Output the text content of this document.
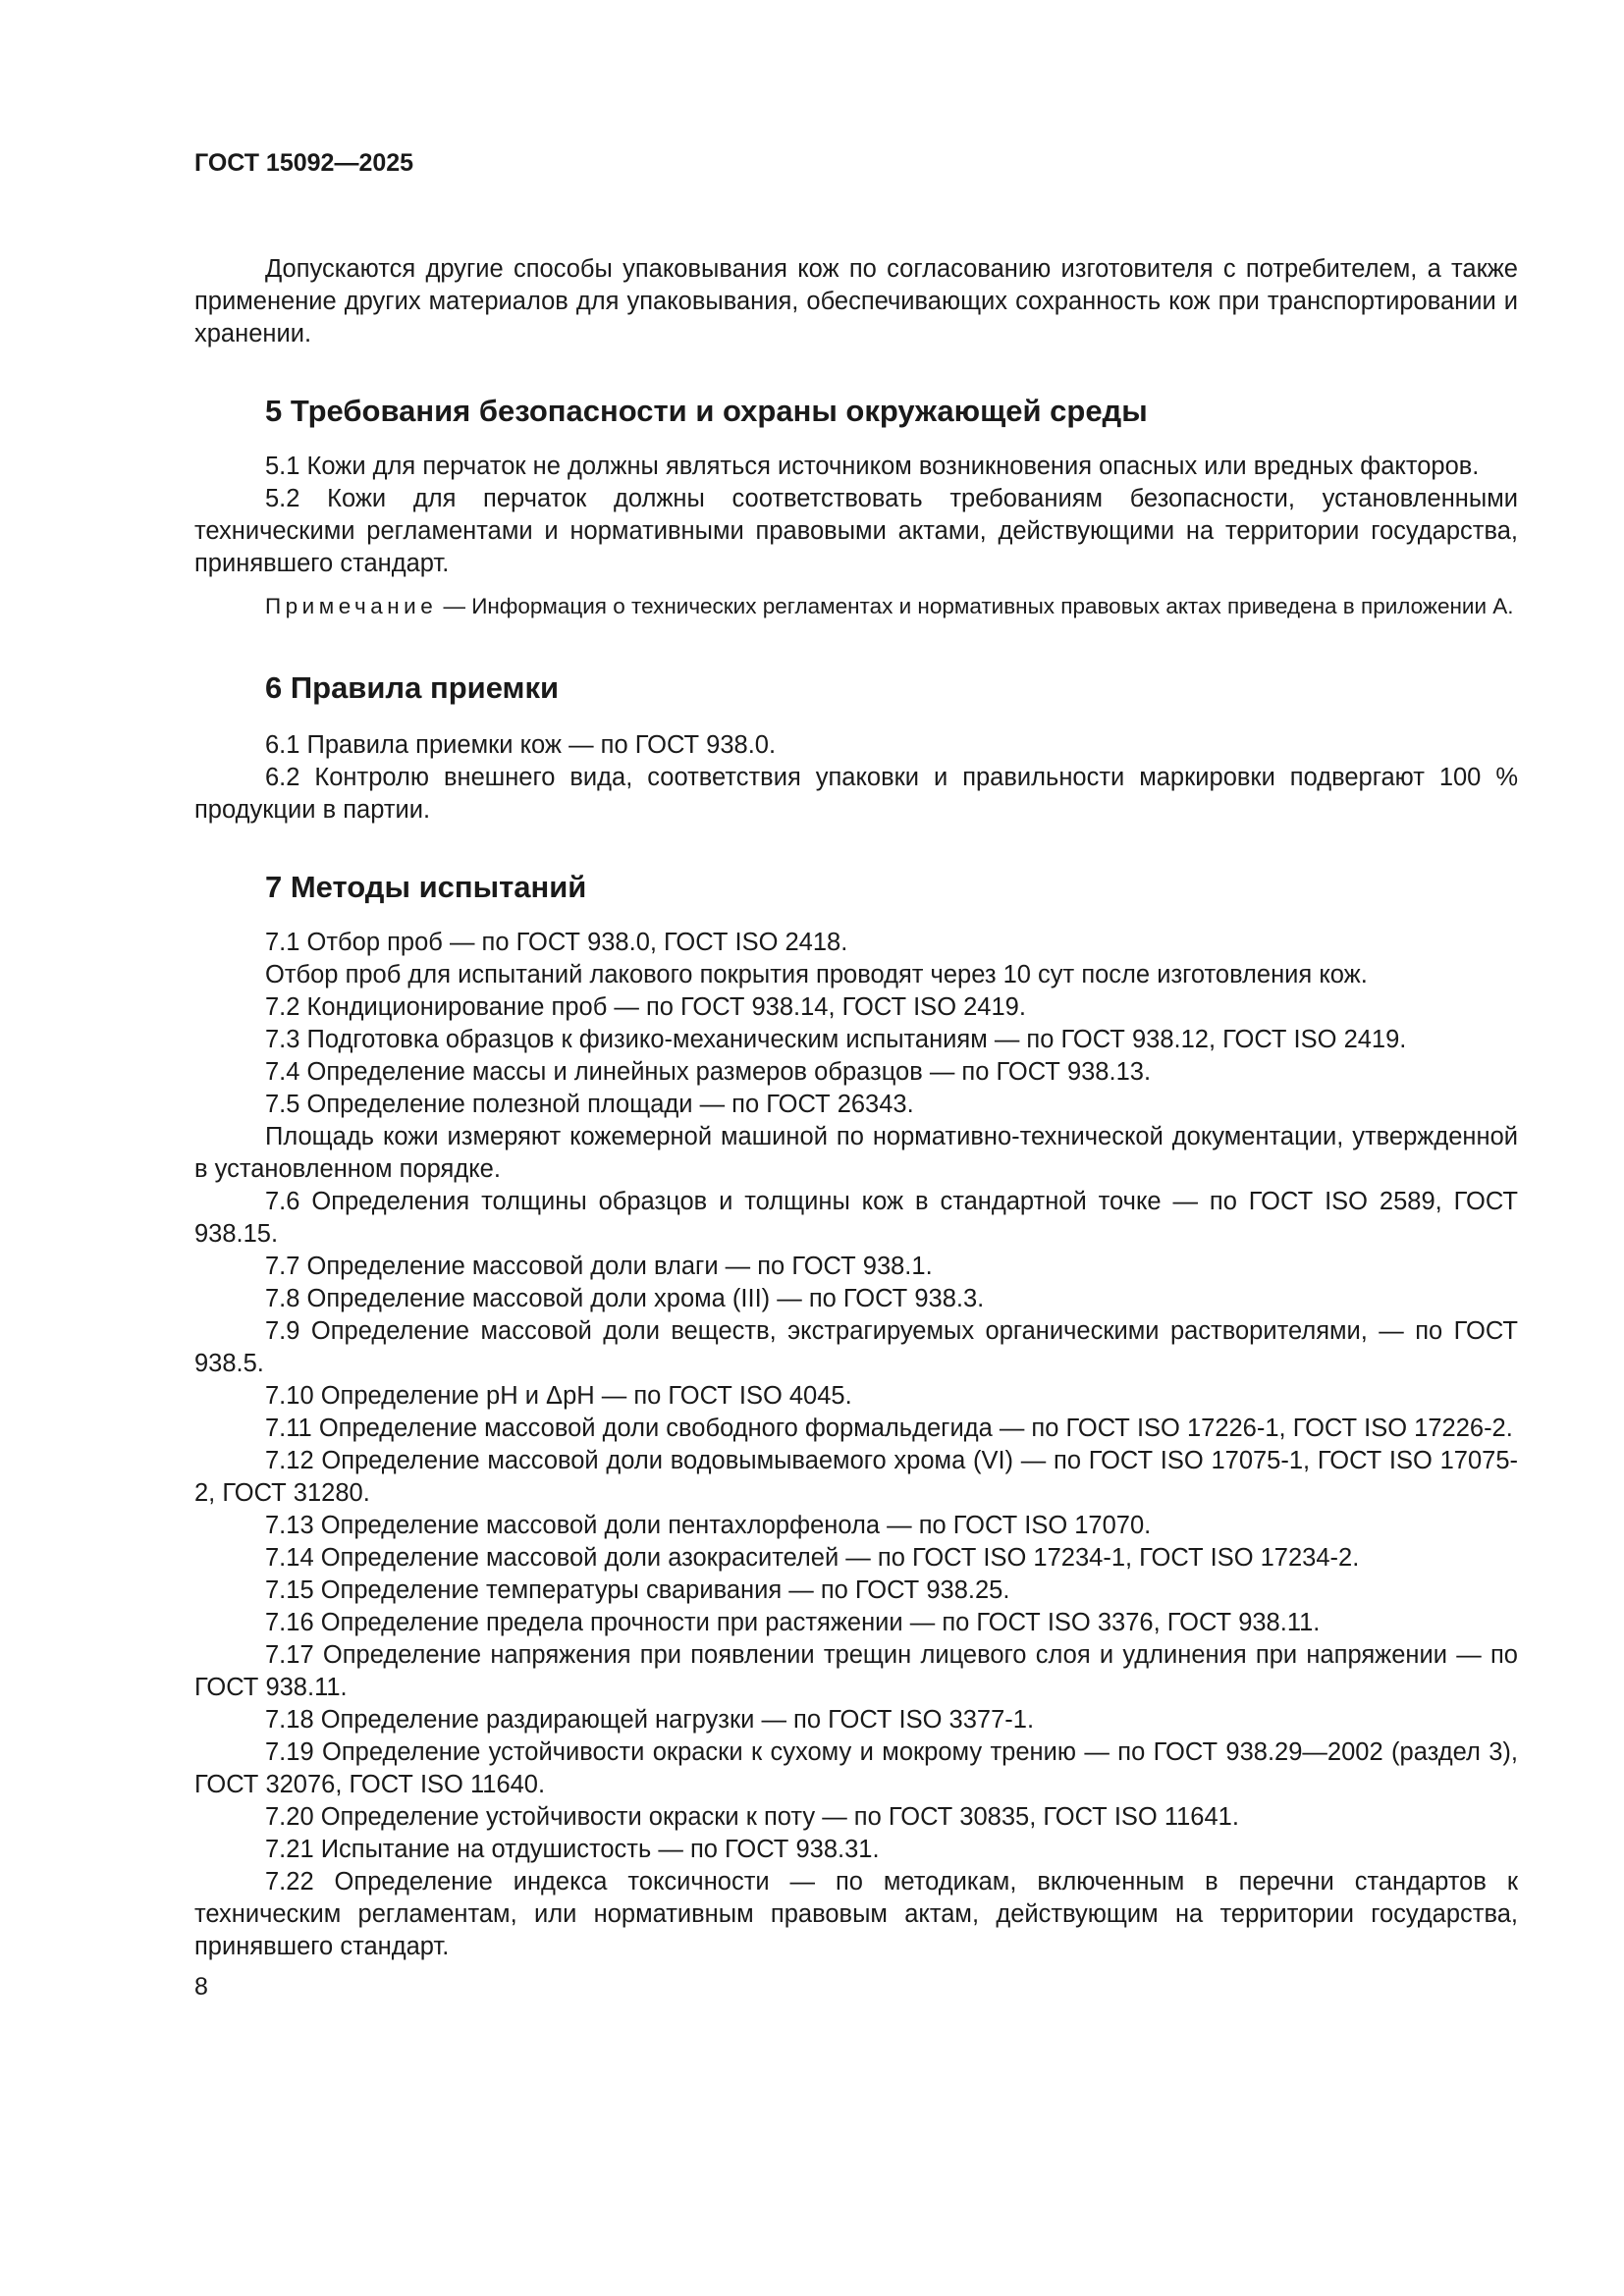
ГОСТ 15092—2025

Допускаются другие способы упаковывания кож по согласованию изготовителя с потребителем, а также применение других материалов для упаковывания, обеспечивающих сохранность кож при транспортировании и хранении.

5 Требования безопасности и охраны окружающей среды

5.1 Кожи для перчаток не должны являться источником возникновения опасных или вредных факторов.

5.2 Кожи для перчаток должны соответствовать требованиям безопасности, установленными техническими регламентами и нормативными правовыми актами, действующими на территории государства, принявшего стандарт.

Примечание — Информация о технических регламентах и нормативных правовых актах приведена в приложении А.

6 Правила приемки

6.1 Правила приемки кож — по ГОСТ 938.0.

6.2 Контролю внешнего вида, соответствия упаковки и правильности маркировки подвергают 100 % продукции в партии.

7 Методы испытаний

7.1 Отбор проб — по ГОСТ 938.0, ГОСТ ISO 2418.

Отбор проб для испытаний лакового покрытия проводят через 10 сут после изготовления кож.

7.2 Кондиционирование проб — по ГОСТ 938.14, ГОСТ ISO 2419.

7.3 Подготовка образцов к физико-механическим испытаниям — по ГОСТ 938.12, ГОСТ ISO 2419.

7.4 Определение массы и линейных размеров образцов — по ГОСТ 938.13.

7.5 Определение полезной площади — по ГОСТ 26343.

Площадь кожи измеряют кожемерной машиной по нормативно-технической документации, утвержденной в установленном порядке.

7.6 Определения толщины образцов и толщины кож в стандартной точке — по ГОСТ ISO 2589, ГОСТ 938.15.

7.7 Определение массовой доли влаги — по ГОСТ 938.1.

7.8 Определение массовой доли хрома (III) — по ГОСТ 938.3.

7.9 Определение массовой доли веществ, экстрагируемых органическими растворителями, — по ГОСТ 938.5.

7.10 Определение pH и ΔpH — по ГОСТ ISO 4045.

7.11 Определение массовой доли свободного формальдегида — по ГОСТ ISO 17226-1, ГОСТ ISO 17226-2.

7.12 Определение массовой доли водовымываемого хрома (VI) — по ГОСТ ISO 17075-1, ГОСТ ISO 17075-2, ГОСТ 31280.

7.13 Определение массовой доли пентахлорфенола — по ГОСТ ISO 17070.

7.14 Определение массовой доли азокрасителей — по ГОСТ ISO 17234-1, ГОСТ ISO 17234-2.

7.15 Определение температуры сваривания — по ГОСТ 938.25.

7.16 Определение предела прочности при растяжении — по ГОСТ ISO 3376, ГОСТ 938.11.

7.17 Определение напряжения при появлении трещин лицевого слоя и удлинения при напряжении — по ГОСТ 938.11.

7.18 Определение раздирающей нагрузки — по ГОСТ ISO 3377-1.

7.19 Определение устойчивости окраски к сухому и мокрому трению — по ГОСТ 938.29—2002 (раздел 3), ГОСТ 32076, ГОСТ ISO 11640.

7.20 Определение устойчивости окраски к поту — по ГОСТ 30835, ГОСТ ISO 11641.

7.21 Испытание на отдушистость — по ГОСТ 938.31.

7.22 Определение индекса токсичности — по методикам, включенным в перечни стандартов к техническим регламентам, или нормативным правовым актам, действующим на территории государства, принявшего стандарт.

8
